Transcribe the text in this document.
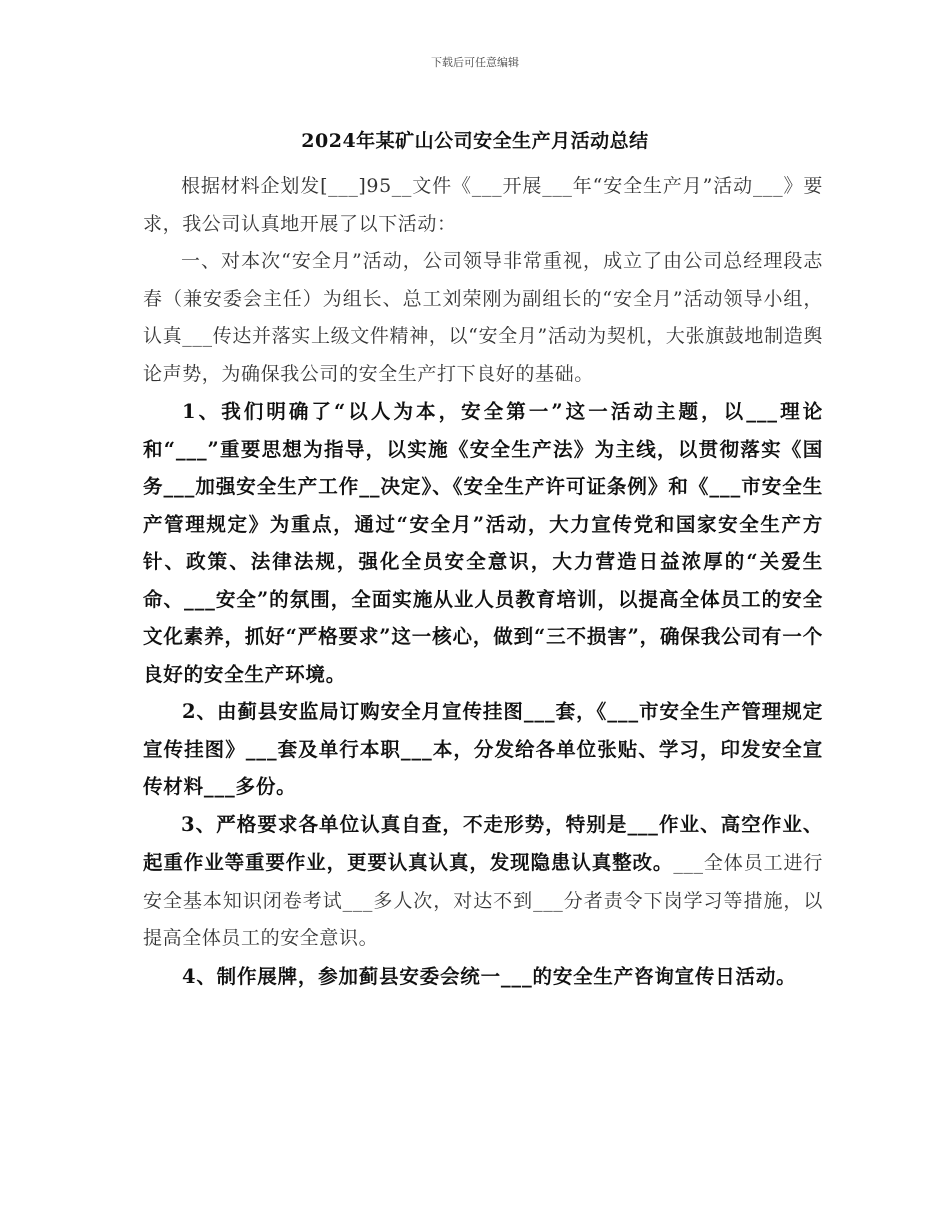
下载后可任意编辑
2024年某矿山公司安全生产月活动总结

根据材料企划发[___]95__文件《___开展___年“安全生产月”活动___》要求，我公司认真地开展了以下活动：

一、对本次“安全月”活动，公司领导非常重视，成立了由公司总经理段志春（兼安委会主任）为组长、总工刘荣刚为副组长的“安全月”活动领导小组，认真___传达并落实上级文件精神，以“安全月”活动为契机，大张旗鼓地制造舆论声势，为确保我公司的安全生产打下良好的基础。

1、我们明确了“以人为本，安全第一”这一活动主题，以___理论和“___”重要思想为指导，以实施《安全生产法》为主线，以贯彻落实《国务___加强安全生产工作__决定》、《安全生产许可证条例》和《___市安全生产管理规定》为重点，通过“安全月”活动，大力宣传党和国家安全生产方针、政策、法律法规，强化全员安全意识，大力营造日益浓厚的“关爱生命、___安全”的氛围，全面实施从业人员教育培训，以提高全体员工的安全文化素养，抓好“严格要求”这一核心，做到“三不损害”，确保我公司有一个良好的安全生产环境。

2、由蓟县安监局订购安全月宣传挂图___套，《___市安全生产管理规定宣传挂图》___套及单行本职___本，分发给各单位张贴、学习，印发安全宣传材料___多份。

3、严格要求各单位认真自查，不走形势，特别是___作业、高空作业、起重作业等重要作业，更要认真认真，发现隐患认真整改。___全体员工进行安全基本知识闭卷考试___多人次，对达不到___分者责令下岗学习等措施，以提高全体员工的安全意识。

4、制作展牌，参加蓟县安委会统一___的安全生产咨询宣传日活动。
